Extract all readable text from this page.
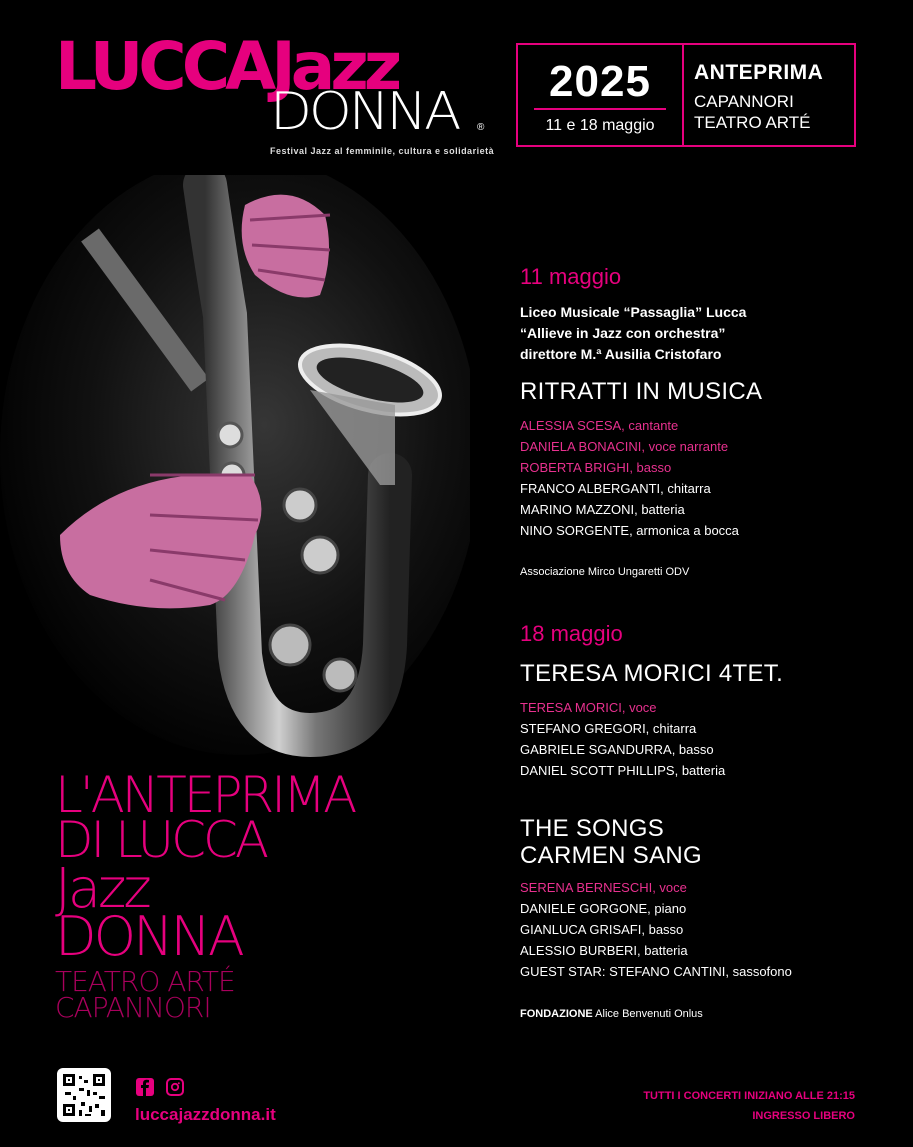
LUCCAJazz
DONNA ®
Festival Jazz al femminile, cultura e solidarietà
2025
11 e 18 maggio
ANTEPRIMA
CAPANNORI
TEATRO ARTÉ
L'ANTEPRIMA
DI LUCCA
Jazz
DONNA
TEATRO ARTÉ
CAPANNORI
11 maggio
Liceo Musicale “Passaglia” Lucca
“Allieve in Jazz con orchestra”
direttore M.ª Ausilia Cristofaro
RITRATTI IN MUSICA
ALESSIA SCESA, cantante
DANIELA BONACINI, voce narrante
ROBERTA BRIGHI, basso
FRANCO ALBERGANTI, chitarra
MARINO MAZZONI, batteria
NINO SORGENTE, armonica a bocca
Associazione Mirco Ungaretti ODV
18 maggio
TERESA MORICI 4TET.
TERESA MORICI, voce
STEFANO GREGORI, chitarra
GABRIELE SGANDURRA, basso
DANIEL SCOTT PHILLIPS, batteria
THE SONGS
CARMEN SANG
SERENA BERNESCHI, voce
DANIELE GORGONE, piano
GIANLUCA GRISAFI, basso
ALESSIO BURBERI, batteria
GUEST STAR: STEFANO CANTINI, sassofono
FONDAZIONE Alice Benvenuti Onlus
luccajazzdonna.it
TUTTI I CONCERTI INIZIANO ALLE 21:15
INGRESSO LIBERO
